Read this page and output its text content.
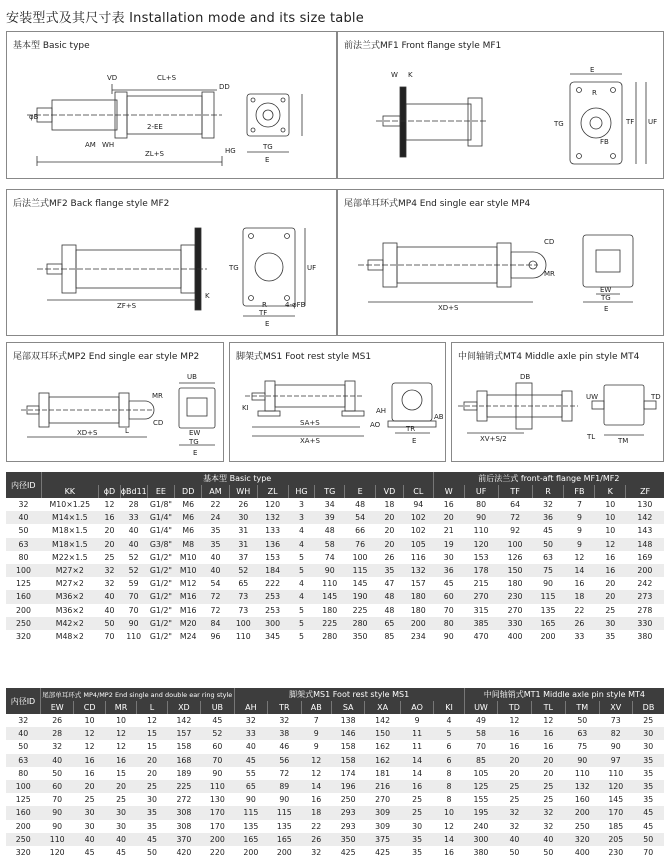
安装型式及其尺寸表 Installation mode and its size table
基本型 Basic type
VD	CL+S
DD
φB
2-EE
AM WH
ZL+S	HG	TG
E
前法兰式MF1 Front flange style MF1
W K
E
R
TG	TF UF
FB
后法兰式MF2 Back flange style MF2
K
ZF+S
TG	UF
R	4-φFB
TF
E
尾部单耳环式MP4 End single ear style MP4
CD
MR
XD+S
EW
TG
E
尾部双耳环式MP2 End single ear style MP2
UB
MR
CD
XD+S	L	EW
TG
E
脚架式MS1 Foot rest style MS1
KI
SA+S
XA+S
AO
AB
AH
TR
E
中间轴销式MT4 Middle axle pin style MT4
DB
UW
TL
TD
XV+S/2	TM
内径ID	基本型 Basic type													前后法兰式 front-aft flange MF1/MF2						
	KK	ϕD	ϕBd11	EE	DD	AM	WH	ZL	HG	TG	E	VD	CL	W	UF	TF	R	FB	K	ZF
32	M10×1.25	12	28	G1/8"	M6	22	26	120	3	34	48	18	94	16	80	64	32	7	10	130
40	M14×1.5	16	33	G1/4"	M6	24	30	132	3	39	54	20	102	20	90	72	36	9	10	142
50	M18×1.5	20	40	G1/4"	M6	35	31	133	4	48	66	20	102	21	110	92	45	9	10	143
63	M18×1.5	20	40	G3/8"	M8	35	31	136	4	58	76	20	105	19	120	100	50	9	12	148
80	M22×1.5	25	52	G1/2"	M10	40	37	153	5	74	100	26	116	30	153	126	63	12	16	169
100	M27×2	32	52	G1/2"	M10	40	52	184	5	90	115	35	132	36	178	150	75	14	16	200
125	M27×2	32	59	G1/2"	M12	54	65	222	4	110	145	47	157	45	215	180	90	16	20	242
160	M36×2	40	70	G1/2"	M16	72	73	253	4	145	190	48	180	60	270	230	115	18	20	273
200	M36×2	40	70	G1/2"	M16	72	73	253	5	180	225	48	180	70	315	270	135	22	25	278
250	M42×2	50	90	G1/2"	M20	84	100	300	5	225	280	65	200	80	385	330	165	26	30	330
320	M48×2	70	110	G1/2"	M24	96	110	345	5	280	350	85	234	90	470	400	200	33	35	380
内径ID	尾部单耳环式 MP4/MP2 End single and double ear ring style						脚架式MS1 Foot rest style MS1							中间轴销式MT1 Middle axle pin style MT4					
	EW	CD	MR	L	XD	UB	AH	TR	AB	SA	XA	AO	KI	UW	TD	TL	TM	XV	DB
32	26	10	10	12	142	45	32	32	7	138	142	9	4	49	12	12	50	73	25
40	28	12	12	15	157	52	33	38	9	146	150	11	5	58	16	16	63	82	30
50	32	12	12	15	158	60	40	46	9	158	162	11	6	70	16	16	75	90	30
63	40	16	16	20	168	70	45	56	12	158	162	14	6	85	20	20	90	97	35
80	50	16	15	20	189	90	55	72	12	174	181	14	8	105	20	20	110	110	35
100	60	20	20	25	225	110	65	89	14	196	216	16	8	125	25	25	132	120	35
125	70	25	25	30	272	130	90	90	16	250	270	25	8	155	25	25	160	145	35
160	90	30	30	35	308	170	115	115	18	293	309	25	10	195	32	32	200	170	45
200	90	30	30	35	308	170	135	135	22	293	309	30	12	240	32	32	250	185	45
250	110	40	40	45	370	200	165	165	26	350	375	35	14	300	40	40	320	205	50
320	120	45	45	50	420	220	200	200	32	425	425	35	16	380	50	50	400	230	70
